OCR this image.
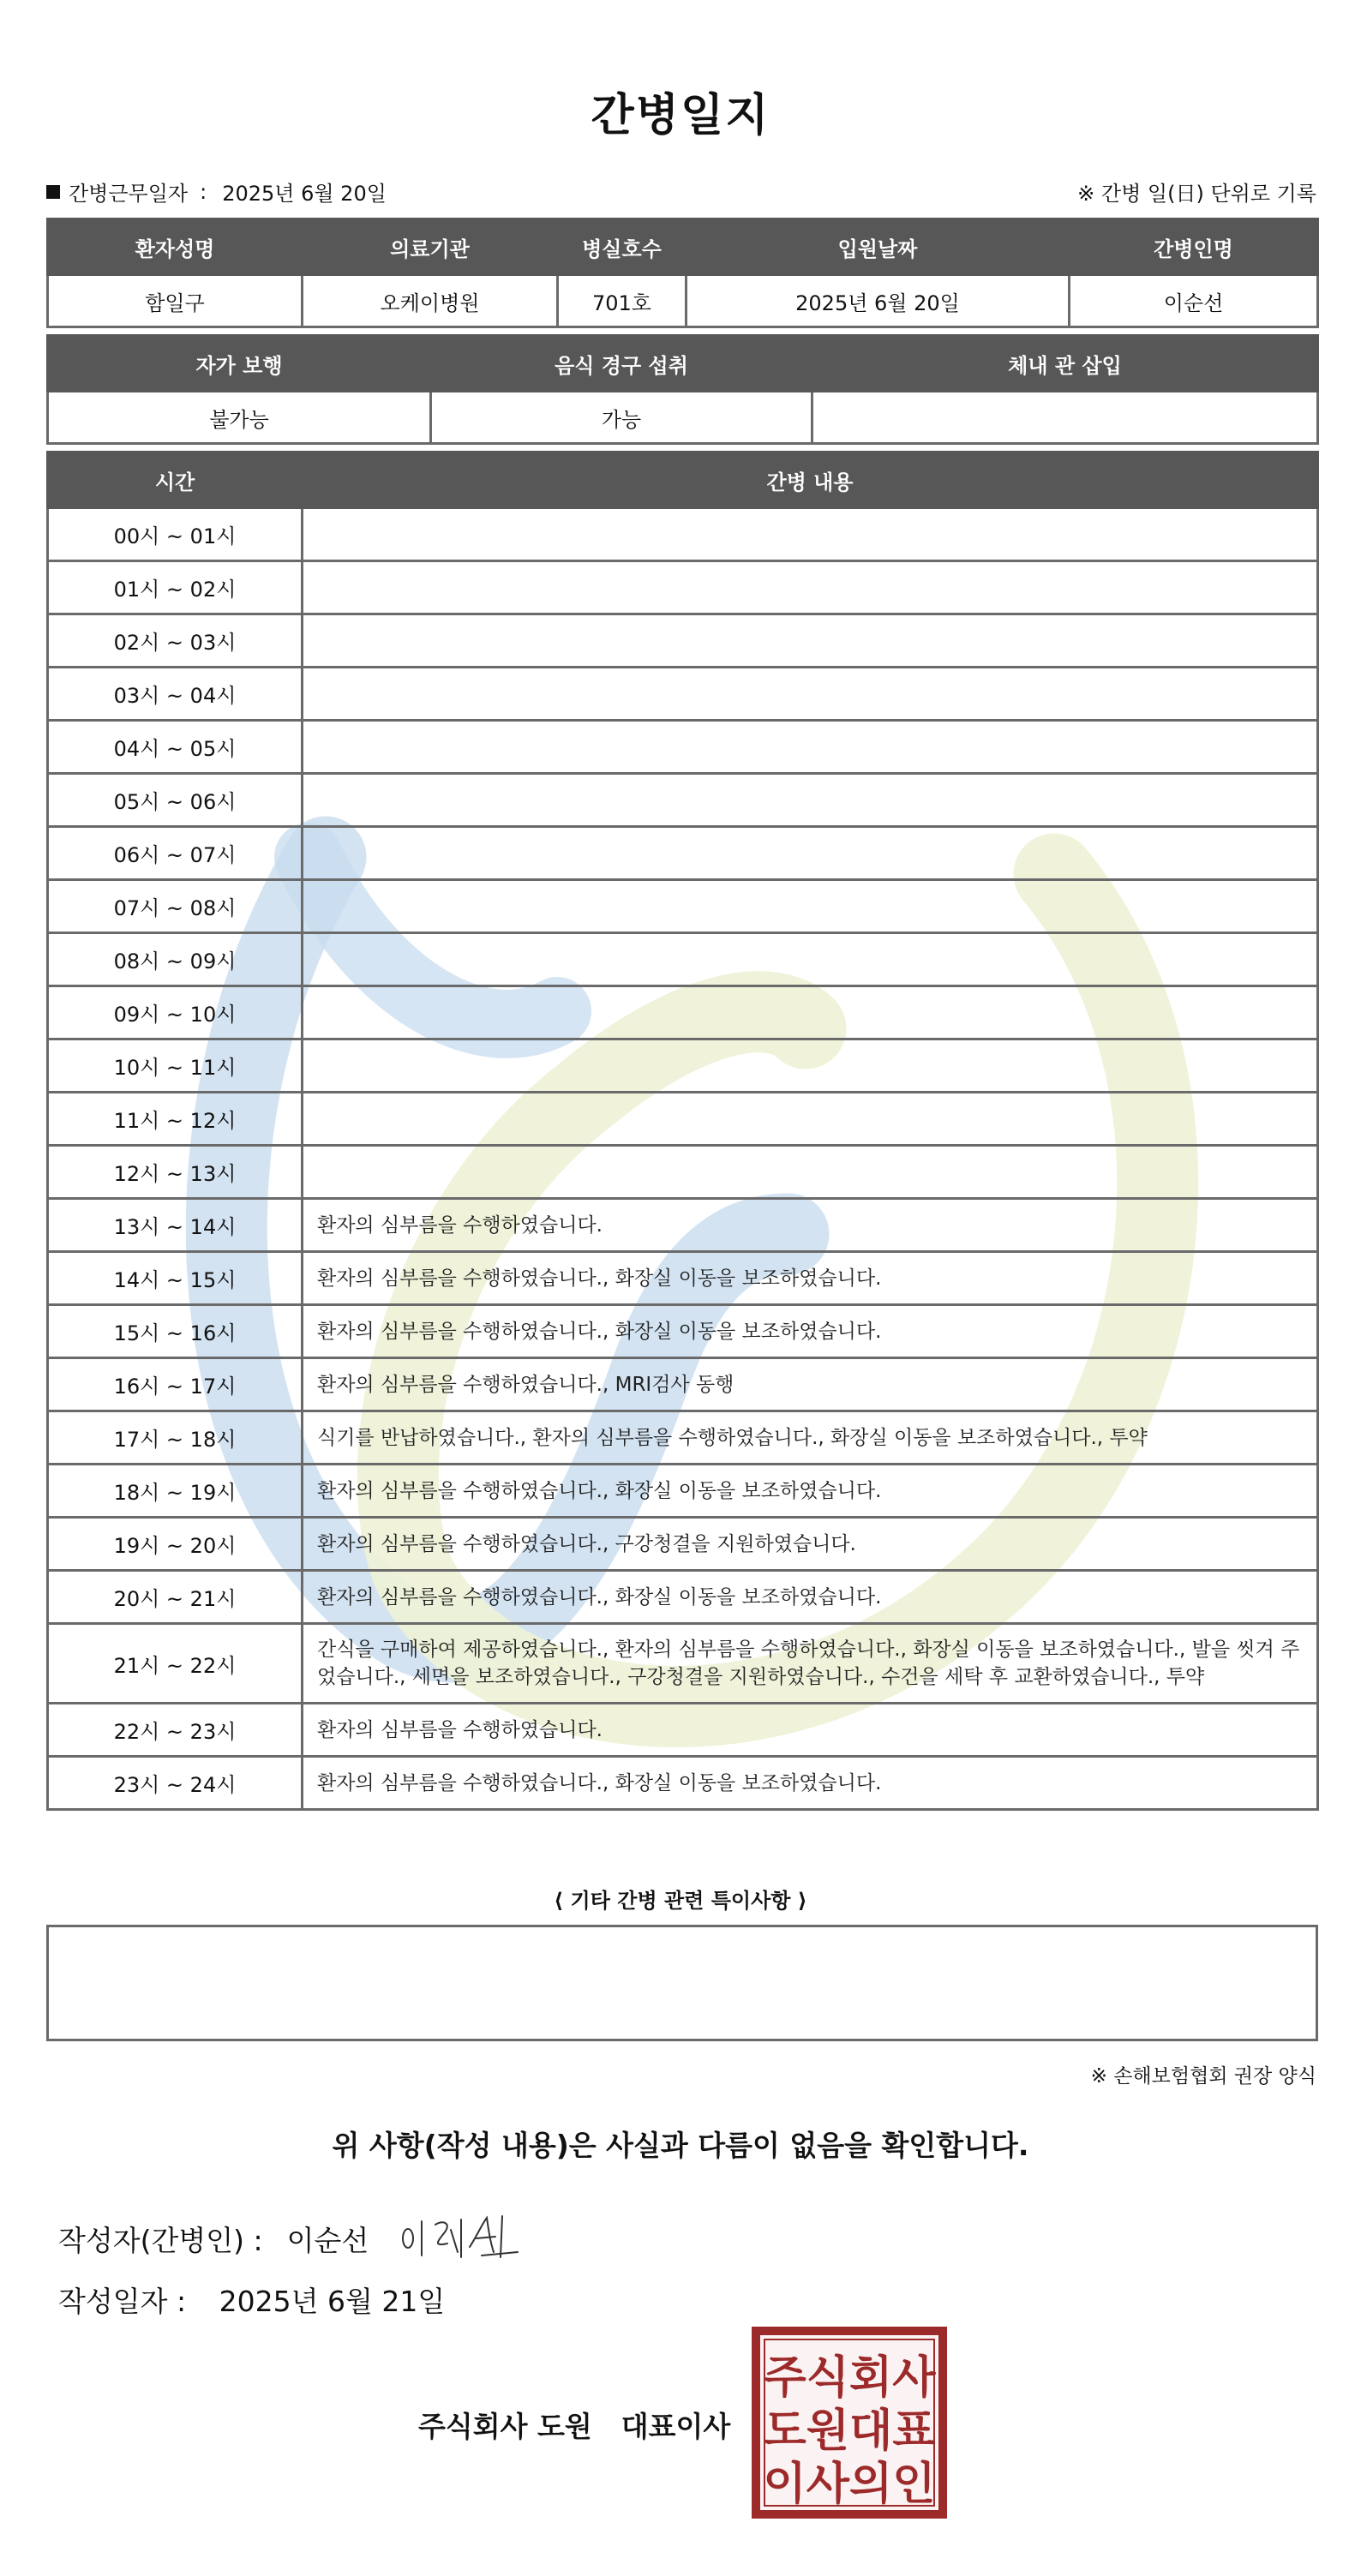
간병일지
간병근무일자 : 2025년 6월 20일	※ 간병 일(日) 단위로 기록
환자성명	의료기관	병실호수	입원날짜	간병인명
함일구	오케이병원	701호	2025년 6월 20일	이순선
자가 보행	음식 경구 섭취	체내 관 삽입
불가능	가능	
시간	간병 내용
00시 ~ 01시	
01시 ~ 02시	
02시 ~ 03시	
03시 ~ 04시	
04시 ~ 05시	
05시 ~ 06시	
06시 ~ 07시	
07시 ~ 08시	
08시 ~ 09시	
09시 ~ 10시	
10시 ~ 11시	
11시 ~ 12시	
12시 ~ 13시	
13시 ~ 14시	환자의 심부름을 수행하였습니다.
14시 ~ 15시	환자의 심부름을 수행하였습니다., 화장실 이동을 보조하였습니다.
15시 ~ 16시	환자의 심부름을 수행하였습니다., 화장실 이동을 보조하였습니다.
16시 ~ 17시	환자의 심부름을 수행하였습니다., MRI검사 동행
17시 ~ 18시	식기를 반납하였습니다., 환자의 심부름을 수행하였습니다., 화장실 이동을 보조하였습니다., 투약
18시 ~ 19시	환자의 심부름을 수행하였습니다., 화장실 이동을 보조하였습니다.
19시 ~ 20시	환자의 심부름을 수행하였습니다., 구강청결을 지원하였습니다.
20시 ~ 21시	환자의 심부름을 수행하였습니다., 화장실 이동을 보조하였습니다.
21시 ~ 22시	간식을 구매하여 제공하였습니다., 환자의 심부름을 수행하였습니다., 화장실 이동을 보조하였습니다., 발을 씻겨 주었습니다., 세면을 보조하였습니다., 구강청결을 지원하였습니다., 수건을 세탁 후 교환하였습니다., 투약
22시 ~ 23시	환자의 심부름을 수행하였습니다.
23시 ~ 24시	환자의 심부름을 수행하였습니다., 화장실 이동을 보조하였습니다.
⟨ 기타 간병 관련 특이사항 ⟩
※ 손해보험협회 권장 양식
위 사항(작성 내용)은 사실과 다름이 없음을 확인합니다.
작성자(간병인) : 이순선
작성일자 : 2025년 6월 21일
주식회사 도원 대표이사
주식회사
도원대표
이사의인
